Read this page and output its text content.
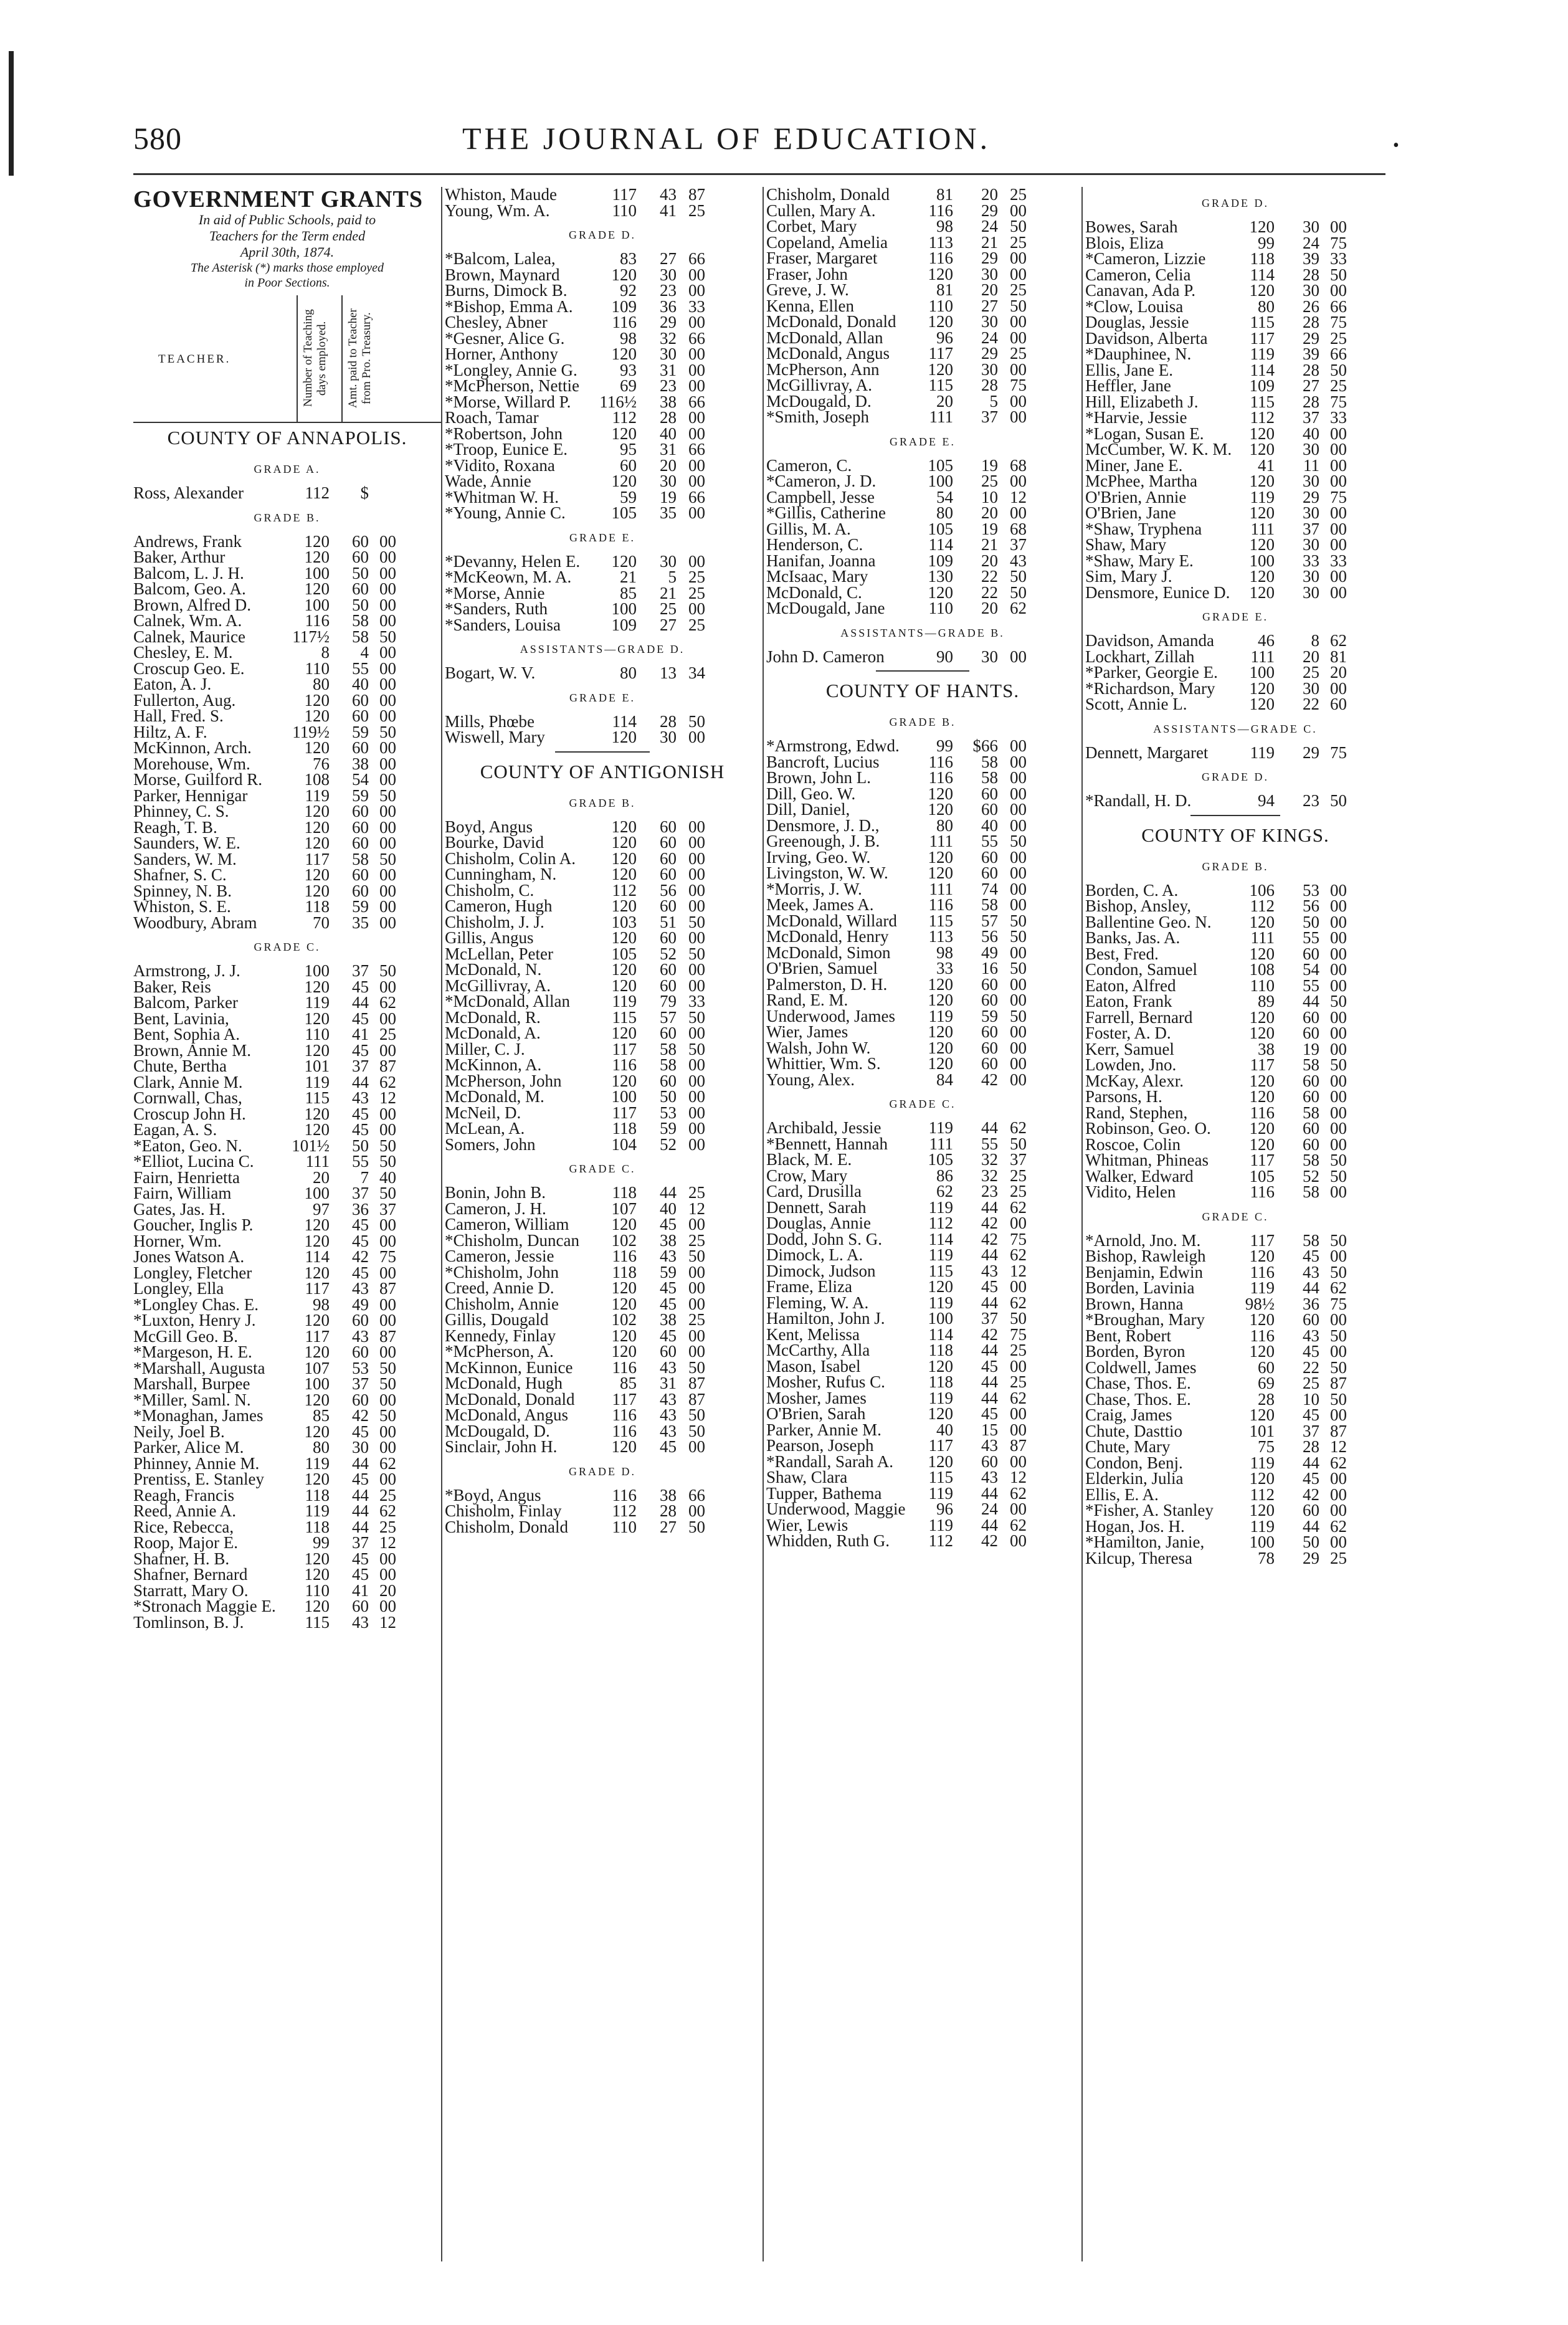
580	THE JOURNAL OF EDUCATION.	•
GOVERNMENT GRANTS
In aid of Public Schools, paid to
Teachers for the Term ended
April 30th, 1874.
The Asterisk (*) marks those employed
in Poor Sections.
TEACHER.	Number of Teaching days employed. Amt. paid to Teacher from Pro. Treasury.
COUNTY OF ANNAPOLIS.
GRADE A.
Ross, Alexander	112 $
GRADE B.
Andrews, Frank	120 60 00
Baker, Arthur	120 60 00
Balcom, L. J. H.	100 50 00
Balcom, Geo. A.	120 60 00
Brown, Alfred D.	100 50 00
Calnek, Wm. A.	116 58 00
Calnek, Maurice	117½ 58 50
Chesley, E. M.	8 4 00
Croscup Geo. E.	110 55 00
Eaton, A. J.	80 40 00
Fullerton, Aug.	120 60 00
Hall, Fred. S.	120 60 00
Hiltz, A. F.	119½ 59 50
McKinnon, Arch.	120 60 00
Morehouse, Wm.	76 38 00
Morse, Guilford R.	108 54 00
Parker, Hennigar	119 59 50
Phinney, C. S.	120 60 00
Reagh, T. B.	120 60 00
Saunders, W. E.	120 60 00
Sanders, W. M.	117 58 50
Shafner, S. C.	120 60 00
Spinney, N. B.	120 60 00
Whiston, S. E.	118 59 00
Woodbury, Abram	70 35 00
GRADE C.
Armstrong, J. J.	100 37 50
Baker, Reis	120 45 00
Balcom, Parker	119 44 62
Bent, Lavinia,	120 45 00
Bent, Sophia A.	110 41 25
Brown, Annie M.	120 45 00
Chute, Bertha	101 37 87
Clark, Annie M.	119 44 62
Cornwall, Chas,	115 43 12
Croscup John H.	120 45 00
Eagan, A. S.	120 45 00
*Eaton, Geo. N.	101½ 50 50
*Elliot, Lucina C.	111 55 50
Fairn, Henrietta	20 7 40
Fairn, William	100 37 50
Gates, Jas. H.	97 36 37
Goucher, Inglis P.	120 45 00
Horner, Wm.	120 45 00
Jones Watson A.	114 42 75
Longley, Fletcher	120 45 00
Longley, Ella	117 43 87
*Longley Chas. E.	98 49 00
*Luxton, Henry J.	120 60 00
McGill Geo. B.	117 43 87
*Margeson, H. E.	120 60 00
*Marshall, Augusta 107 53 50
Marshall, Burpee	100 37 50
*Miller, Saml. N.	120 60 00
*Monaghan, James	85 42 50
Neily, Joel B.	120 45 00
Parker, Alice M.	80 30 00
Phinney, Annie M.	119 44 62
Prentiss, E. Stanley 120 45 00
Reagh, Francis	118 44 25
Reed, Annie A.	119 44 62
Rice, Rebecca,	118 44 25
Roop, Major E.	99 37 12
Shafner, H. B.	120 45 00
Shafner, Bernard	120 45 00
Starratt, Mary O.	110 41 20
*Stronach Maggie E. 120 60 00
Tomlinson, B. J.	115 43 12
Whiston, Maude	117 43 87
Young, Wm. A.	110 41 25
GRADE D.
*Balcom, Lalea,	83 27 66
Brown, Maynard	120 30 00
Burns, Dimock B.	92 23 00
*Bishop, Emma A. 109 36 33
Chesley, Abner	116 29 00
*Gesner, Alice G.	98 32 66
Horner, Anthony	120 30 00
*Longley, Annie G.	93 31 00
*McPherson, Nettie 69 23 00
*Morse, Willard P. 116½ 38 66
Roach, Tamar	112 28 00
*Robertson, John	120 40 00
*Troop, Eunice E.	95 31 66
*Vidito, Roxana	60 20 00
Wade, Annie	120 30 00
*Whitman W. H.	59 19 66
*Young, Annie C.	105 35 00
GRADE E.
*Devanny, Helen E. 120 30 00
*McKeown, M. A.	21 5 25
*Morse, Annie	85 21 25
*Sanders, Ruth	100 25 00
*Sanders, Louisa	109 27 25
ASSISTANTS—GRADE D.
Bogart, W. V.	80 13 34
GRADE E.
Mills, Phœbe	114 28 50
Wiswell, Mary	120 30 00
COUNTY OF ANTIGONISH
GRADE B.
Boyd, Angus	120 60 00
Bourke, David	120 60 00
Chisholm, Colin A. 120 60 00
Cunningham, N.	120 60 00
Chisholm, C.	112 56 00
Cameron, Hugh	120 60 00
Chisholm, J. J.	103 51 50
Gillis, Angus	120 60 00
McLellan, Peter	105 52 50
McDonald, N.	120 60 00
McGillivray, A.	120 60 00
*McDonald, Allan	119 79 33
McDonald, R.	115 57 50
McDonald, A.	120 60 00
Miller, C. J.	117 58 50
McKinnon, A.	116 58 00
McPherson, John	120 60 00
McDonald, M.	100 50 00
McNeil, D.	117 53 00
McLean, A.	118 59 00
Somers, John	104 52 00
GRADE C.
Bonin, John B.	118 44 25
Cameron, J. H.	107 40 12
Cameron, William	120 45 00
*Chisholm, Duncan 102 38 25
Cameron, Jessie	116 43 50
*Chisholm, John	118 59 00
Creed, Annie D.	120 45 00
Chisholm, Annie	120 45 00
Gillis, Dougald	102 38 25
Kennedy, Finlay	120 45 00
*McPherson, A.	120 60 00
McKinnon, Eunice 116 43 50
McDonald, Hugh	85 31 87
McDonald, Donald 117 43 87
McDonald, Angus	116 43 50
McDougald, D.	116 43 50
Sinclair, John H.	120 45 00
GRADE D.
*Boyd, Angus	116 38 66
Chisholm, Finlay	112 28 00
Chisholm, Donald	110 27 50
Chisholm, Donald	81 20 25
Cullen, Mary A.	116 29 00
Corbet, Mary	98 24 50
Copeland, Amelia 113 21 25
Fraser, Margaret	116 29 00
Fraser, John	120 30 00
Greve, J. W.	81 20 25
Kenna, Ellen	110 27 50
McDonald, Donald 120 30 00
McDonald, Allan	96 24 00
McDonald, Angus 117 29 25
McPherson, Ann	120 30 00
McGillivray, A.	115 28 75
McDougald, D.	20 5 00
*Smith, Joseph	111 37 00
GRADE E.
Cameron, C.	105 19 68
*Cameron, J. D.	100 25 00
Campbell, Jesse	54 10 12
*Gillis, Catherine	80 20 00
Gillis, M. A.	105 19 68
Henderson, C.	114 21 37
Hanifan, Joanna	109 20 43
McIsaac, Mary	130 22 50
McDonald, C.	120 22 50
McDougald, Jane	110 20 62
ASSISTANTS—GRADE B.
John D. Cameron	90 30 00
COUNTY OF HANTS.
GRADE B.
*Armstrong, Edwd. 99 $66 00
Bancroft, Lucius	116 58 00
Brown, John L.	116 58 00
Dill, Geo. W.	120 60 00
Dill, Daniel,	120 60 00
Densmore, J. D.,	80 40 00
Greenough, J. B.	111 55 50
Irving, Geo. W.	120 60 00
Livingston, W. W. 120 60 00
*Morris, J. W.	111 74 00
Meek, James A.	116 58 00
McDonald, Willard 115 57 50
McDonald, Henry 113 56 50
McDonald, Simon	98 49 00
O'Brien, Samuel	33 16 50
Palmerston, D. H. 120 60 00
Rand, E. M.	120 60 00
Underwood, James 119 59 50
Wier, James	120 60 00
Walsh, John W.	120 60 00
Whittier, Wm. S.	120 60 00
Young, Alex.	84 42 00
GRADE C.
Archibald, Jessie	119 44 62
*Bennett, Hannah 111 55 50
Black, M. E.	105 32 37
Crow, Mary	86 32 25
Card, Drusilla	62 23 25
Dennett, Sarah	119 44 62
Douglas, Annie	112 42 00
Dodd, John S. G.	114 42 75
Dimock, L. A.	119 44 62
Dimock, Judson	115 43 12
Frame, Eliza	120 45 00
Fleming, W. A.	119 44 62
Hamilton, John J.	100 37 50
Kent, Melissa	114 42 75
McCarthy, Alla	118 44 25
Mason, Isabel	120 45 00
Mosher, Rufus C.	118 44 25
Mosher, James	119 44 62
O'Brien, Sarah	120 45 00
Parker, Annie M.	40 15 00
Pearson, Joseph	117 43 87
*Randall, Sarah A. 120 60 00
Shaw, Clara	115 43 12
Tupper, Bathema	119 44 62
Underwood, Maggie 96 24 00
Wier, Lewis	119 44 62
Whidden, Ruth G. 112 42 00
GRADE D.
Bowes, Sarah	120 30 00
Blois, Eliza	99 24 75
*Cameron, Lizzie	118 39 33
Cameron, Celia	114 28 50
Canavan, Ada P.	120 30 00
*Clow, Louisa	80 26 66
Douglas, Jessie	115 28 75
Davidson, Alberta	117 29 25
*Dauphinee, N.	119 39 66
Ellis, Jane E.	114 28 50
Heffler, Jane	109 27 25
Hill, Elizabeth J.	115 28 75
*Harvie, Jessie	112 37 33
*Logan, Susan E.	120 40 00
McCumber, W. K. M. 120 30 00
Miner, Jane E.	41 11 00
McPhee, Martha	120 30 00
O'Brien, Annie	119 29 75
O'Brien, Jane	120 30 00
*Shaw, Tryphena	111 37 00
Shaw, Mary	120 30 00
*Shaw, Mary E.	100 33 33
Sim, Mary J.	120 30 00
Densmore, Eunice D. 120 30 00
GRADE E.
Davidson, Amanda	46 8 62
Lockhart, Zillah	111 20 81
*Parker, Georgie E. 100 25 20
*Richardson, Mary 120 30 00
Scott, Annie L.	120 22 60
ASSISTANTS—GRADE C.
Dennett, Margaret 119 29 75
GRADE D.
*Randall, H. D.	94 23 50
COUNTY OF KINGS.
GRADE B.
Borden, C. A.	106 53 00
Bishop, Ansley,	112 56 00
Ballentine Geo. N. 120 50 00
Banks, Jas. A.	111 55 00
Best, Fred.	120 60 00
Condon, Samuel	108 54 00
Eaton, Alfred	110 55 00
Eaton, Frank	89 44 50
Farrell, Bernard	120 60 00
Foster, A. D.	120 60 00
Kerr, Samuel	38 19 00
Lowden, Jno.	117 58 50
McKay, Alexr.	120 60 00
Parsons, H.	120 60 00
Rand, Stephen,	116 58 00
Robinson, Geo. O. 120 60 00
Roscoe, Colin	120 60 00
Whitman, Phineas 117 58 50
Walker, Edward	105 52 50
Vidito, Helen	116 58 00
GRADE C.
*Arnold, Jno. M.	117 58 50
Bishop, Rawleigh	120 45 00
Benjamin, Edwin	116 43 50
Borden, Lavinia	119 44 62
Brown, Hanna	98½ 36 75
*Broughan, Mary	120 60 00
Bent, Robert	116 43 50
Borden, Byron	120 45 00
Coldwell, James	60 22 50
Chase, Thos. E.	69 25 87
Chase, Thos. E.	28 10 50
Craig, James	120 45 00
Chute, Dasttio	101 37 87
Chute, Mary	75 28 12
Condon, Benj.	119 44 62
Elderkin, Julia	120 45 00
Ellis, E. A.	112 42 00
*Fisher, A. Stanley 120 60 00
Hogan, Jos. H.	119 44 62
*Hamilton, Janie,	100 50 00
Kilcup, Theresa	78 29 25
